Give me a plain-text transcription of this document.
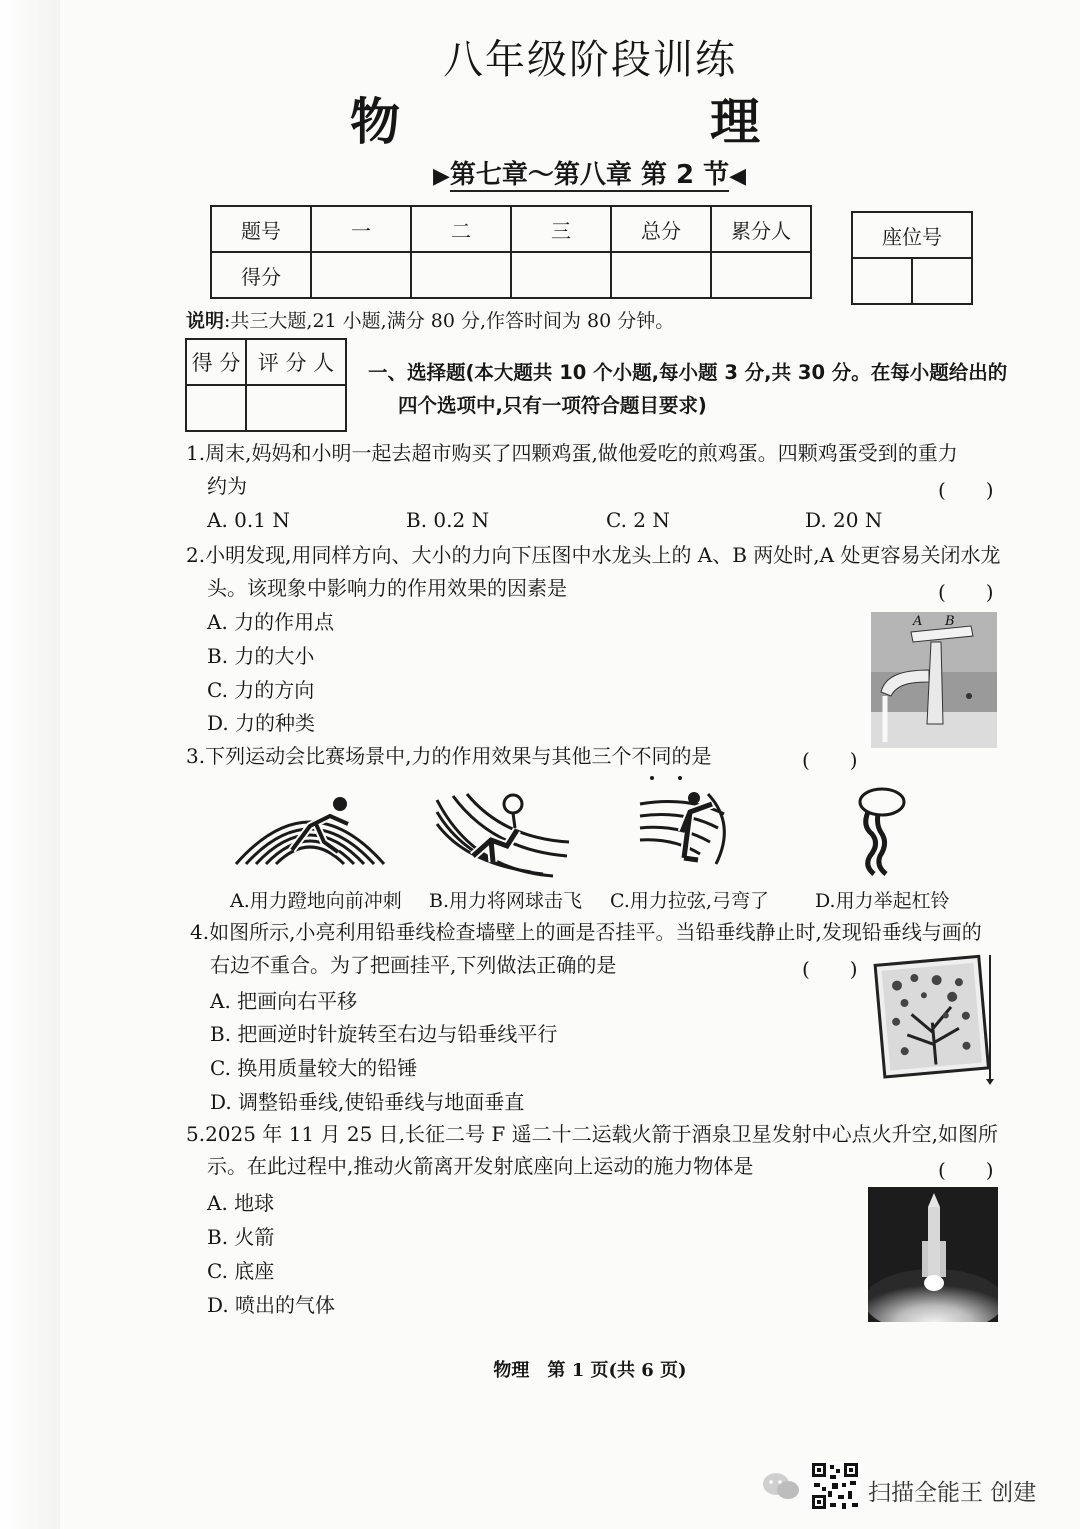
八年级阶段训练
物　　理
▶第七章～第八章 第 2 节◀
题号	一	二	三	总分	累分人
得分					
座位号

说明:共三大题,21 小题,满分 80 分,作答时间为 80 分钟。
得 分	评 分 人
	一、选择题(本大题共 10 个小题,每小题 3 分,共 30 分。在每小题给出的
四个选项中,只有一项符合题目要求)
1.周末,妈妈和小明一起去超市购买了四颗鸡蛋,做他爱吃的煎鸡蛋。四颗鸡蛋受到的重力
约为	(　　)
A. 0.1 N	B. 0.2 N	C. 2 N	D. 20 N
2.小明发现,用同样方向、大小的力向下压图中水龙头上的 A、B 两处时,A 处更容易关闭水龙
头。该现象中影响力的作用效果的因素是	(　　)
A. 力的作用点
B. 力的大小
C. 力的方向
D. 力的种类
A B
3.下列运动会比赛场景中,力的作用效果与其他三个不同的是	(　　)
A.用力蹬地向前冲刺 B.用力将网球击飞 C.用力拉弦,弓弯了 D.用力举起杠铃
4.如图所示,小亮利用铅垂线检查墙壁上的画是否挂平。当铅垂线静止时,发现铅垂线与画的
右边不重合。为了把画挂平,下列做法正确的是	(　　)
A. 把画向右平移
B. 把画逆时针旋转至右边与铅垂线平行
C. 换用质量较大的铅锤
D. 调整铅垂线,使铅垂线与地面垂直
5.2025 年 11 月 25 日,长征二号 F 遥二十二运载火箭于酒泉卫星发射中心点火升空,如图所
示。在此过程中,推动火箭离开发射底座向上运动的施力物体是	(　　)
A. 地球
B. 火箭
C. 底座
D. 喷出的气体
物理　第 1 页(共 6 页)
扫描全能王 创建
